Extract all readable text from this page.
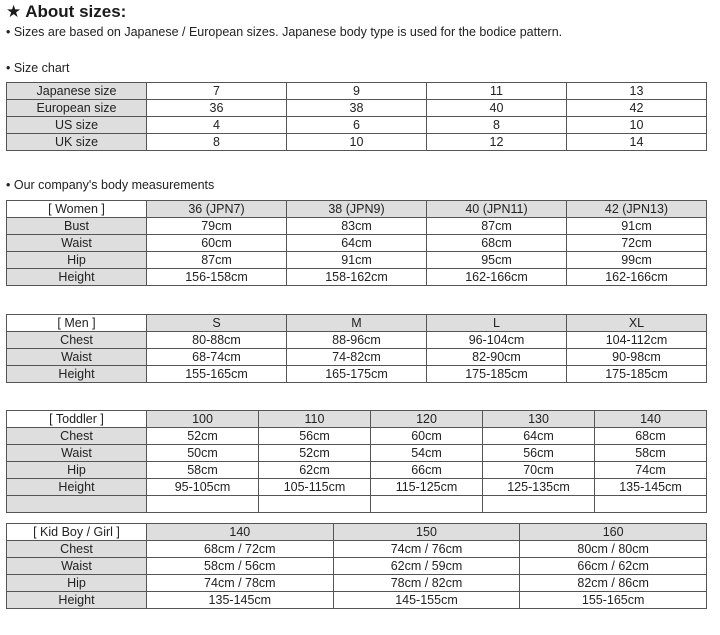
★ About sizes:
• Sizes are based on Japanese / European sizes. Japanese body type is used for the bodice pattern.
• Size chart
Japanese size	7	9	11	13
European size	36	38	40	42
US size	4	6	8	10
UK size	8	10	12	14
• Our company's body measurements
[ Women ]	36 (JPN7)	38 (JPN9)	40 (JPN11)	42 (JPN13)
Bust	79cm	83cm	87cm	91cm
Waist	60cm	64cm	68cm	72cm
Hip	87cm	91cm	95cm	99cm
Height	156-158cm	158-162cm	162-166cm	162-166cm
[ Men ]	S	M	L	XL
Chest	80-88cm	88-96cm	96-104cm	104-112cm
Waist	68-74cm	74-82cm	82-90cm	90-98cm
Height	155-165cm	165-175cm	175-185cm	175-185cm
[ Toddler ]	100	110	120	130	140
Chest	52cm	56cm	60cm	64cm	68cm
Waist	50cm	52cm	54cm	56cm	58cm
Hip	58cm	62cm	66cm	70cm	74cm
Height	95-105cm	105-115cm	115-125cm	125-135cm	135-145cm

[ Kid Boy / Girl ]	140	150	160
Chest	68cm / 72cm	74cm / 76cm	80cm / 80cm
Waist	58cm / 56cm	62cm / 59cm	66cm / 62cm
Hip	74cm / 78cm	78cm / 82cm	82cm / 86cm
Height	135-145cm	145-155cm	155-165cm
